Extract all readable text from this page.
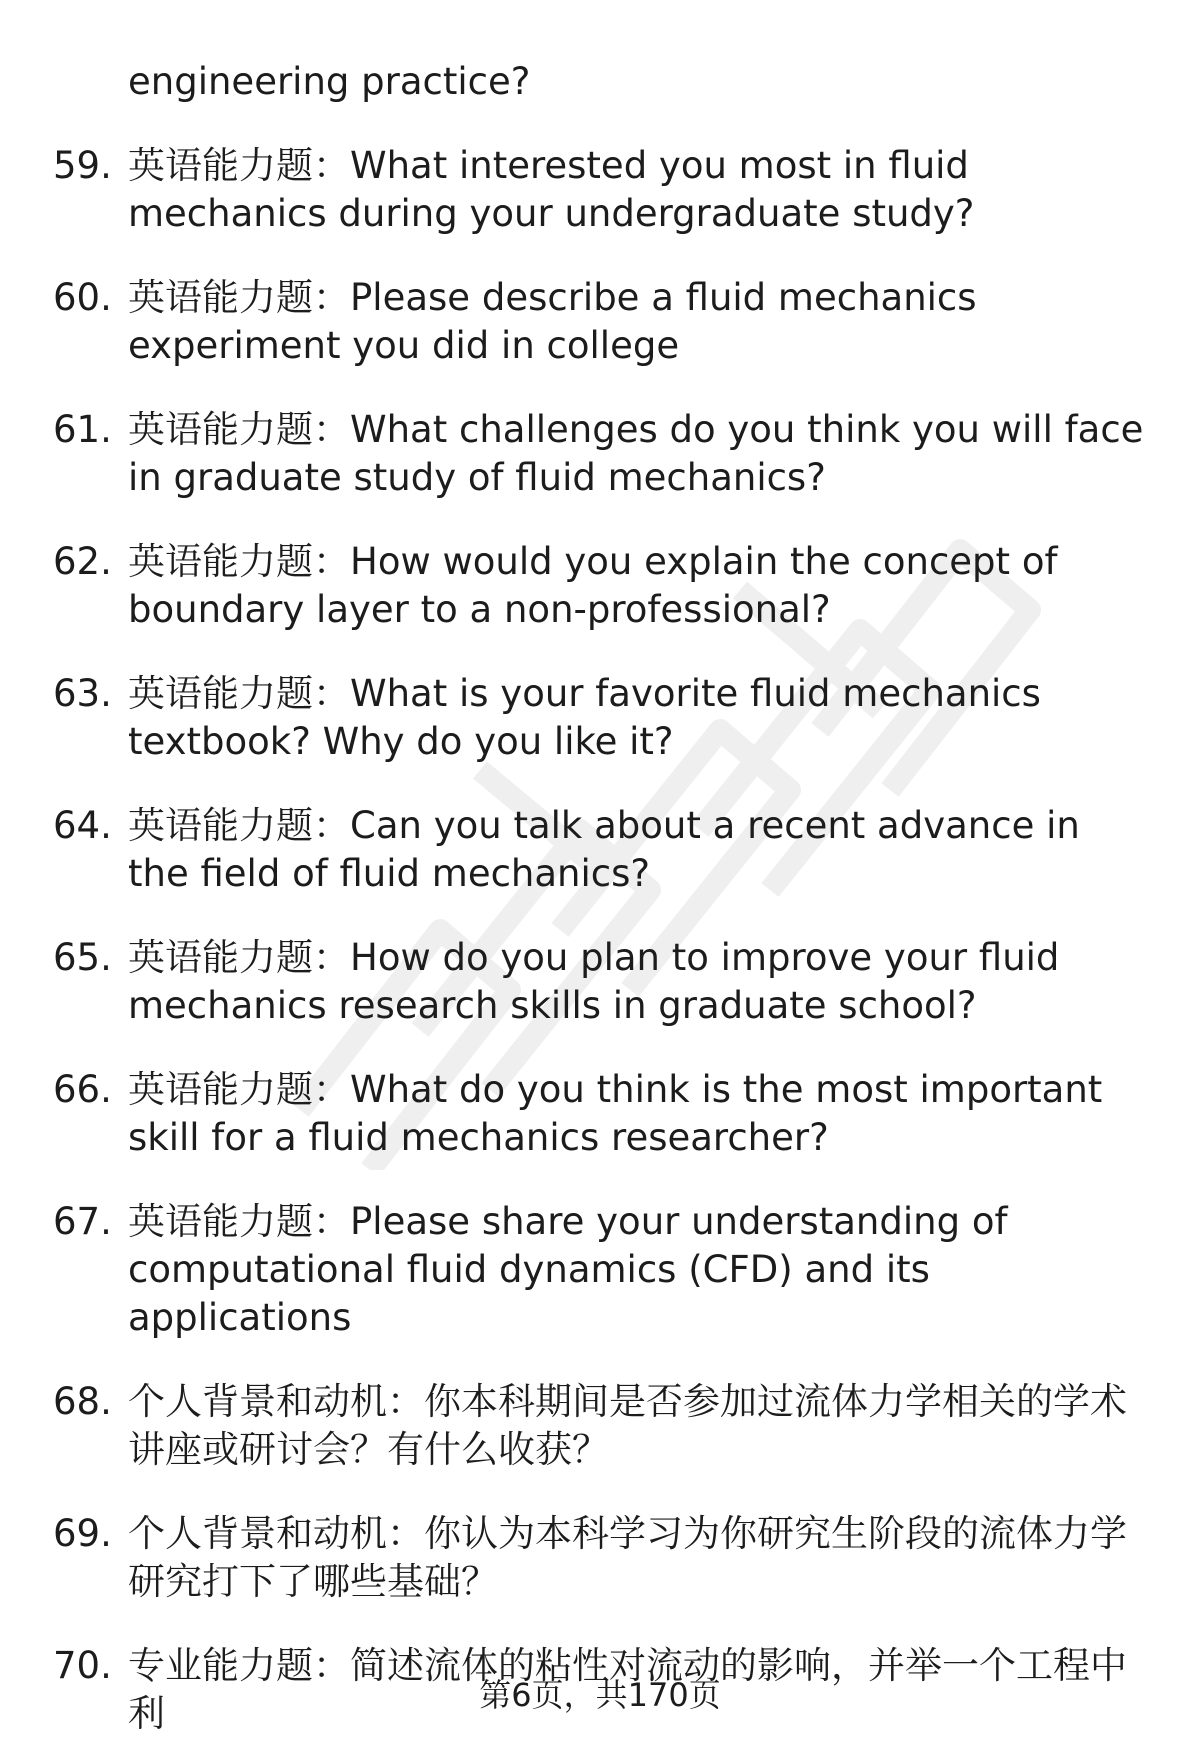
engineering practice?
59. 英语能力题：What interested you most in fluid mechanics during your undergraduate study?
60. 英语能力题：Please describe a fluid mechanics experiment you did in college
61. 英语能力题：What challenges do you think you will face in graduate study of fluid mechanics?
62. 英语能力题：How would you explain the concept of boundary layer to a non-professional?
63. 英语能力题：What is your favorite fluid mechanics textbook? Why do you like it?
64. 英语能力题：Can you talk about a recent advance in the field of fluid mechanics?
65. 英语能力题：How do you plan to improve your fluid mechanics research skills in graduate school?
66. 英语能力题：What do you think is the most important skill for a fluid mechanics researcher?
67. 英语能力题：Please share your understanding of computational fluid dynamics (CFD) and its applications
68. 个人背景和动机：你本科期间是否参加过流体力学相关的学术讲座或研讨会？有什么收获？
69. 个人背景和动机：你认为本科学习为你研究生阶段的流体力学研究打下了哪些基础？
70. 专业能力题：简述流体的粘性对流动的影响，并举一个工程中利	第6页，共170页
